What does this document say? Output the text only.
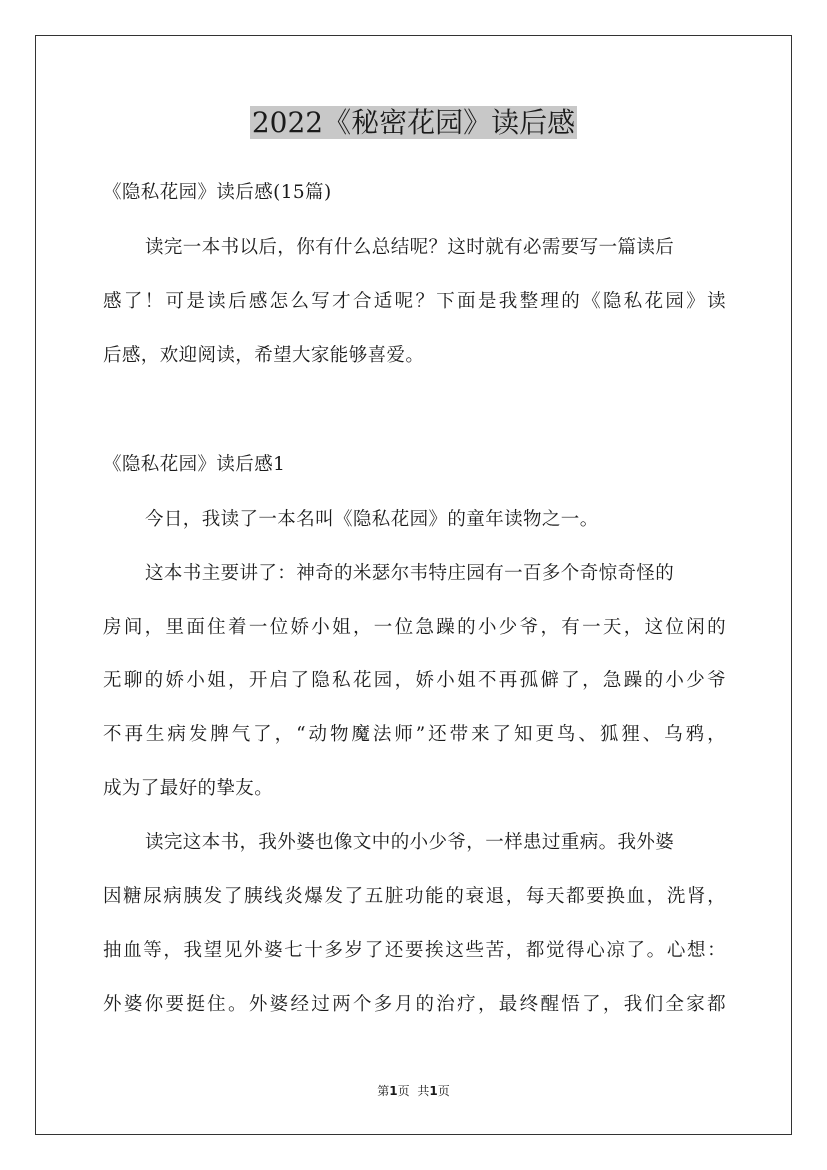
2022《秘密花园》读后感
《隐私花园》读后感(15篇)
读完一本书以后，你有什么总结呢？这时就有必需要写一篇读后
感了！可是读后感怎么写才合适呢？下面是我整理的《隐私花园》读
后感，欢迎阅读，希望大家能够喜爱。
《隐私花园》读后感1
今日，我读了一本名叫《隐私花园》的童年读物之一。
这本书主要讲了：神奇的米瑟尔韦特庄园有一百多个奇惊奇怪的
房间，里面住着一位娇小姐，一位急躁的小少爷，有一天，这位闲的
无聊的娇小姐，开启了隐私花园，娇小姐不再孤僻了，急躁的小少爷
不再生病发脾气了，“动物魔法师”还带来了知更鸟、狐狸、乌鸦，
成为了最好的挚友。
读完这本书，我外婆也像文中的小少爷，一样患过重病。我外婆
因糖尿病胰发了胰线炎爆发了五脏功能的衰退，每天都要换血，洗肾，
抽血等，我望见外婆七十多岁了还要挨这些苦，都觉得心凉了。心想：
外婆你要挺住。外婆经过两个多月的治疗，最终醒悟了，我们全家都
第1页 共1页
